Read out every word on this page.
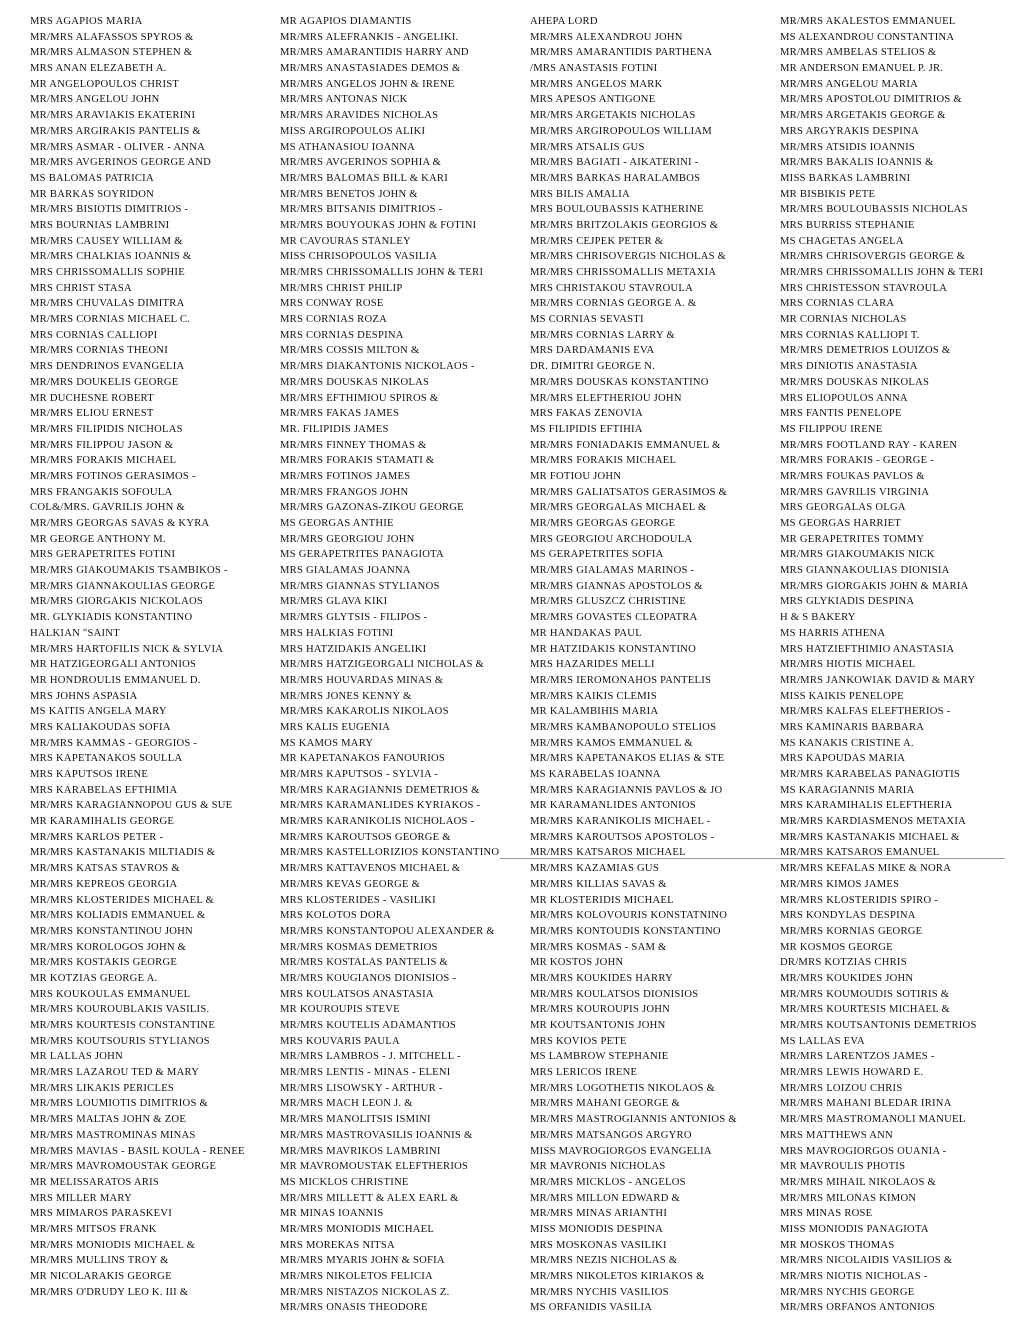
MRS AGAPIOS MARIA
MR/MRS ALAFASSOS SPYROS &
MR/MRS ALMASON STEPHEN &
MRS ANAN ELEZABETH A.
MR ANGELOPOULOS CHRIST
MR/MRS ANGELOU JOHN
MR/MRS ARAVIAKIS EKATERINI
MR/MRS ARGIRAKIS PANTELIS &
MR/MRS ASMAR - OLIVER - ANNA
MR/MRS AVGERINOS GEORGE AND
MS BALOMAS PATRICIA
MR BARKAS SOYRIDON
MR/MRS BISIOTIS DIMITRIOS -
MRS BOURNIAS LAMBRINI
MR/MRS CAUSEY WILLIAM &
MR/MRS CHALKIAS IOANNIS &
MRS CHRISSOMALLIS SOPHIE
MRS CHRIST STASA
MR/MRS CHUVALAS DIMITRA
MR/MRS CORNIAS MICHAEL C.
MRS CORNIAS CALLIOPI
MR/MRS CORNIAS THEONI
MRS DENDRINOS EVANGELIA
MR/MRS DOUKELIS GEORGE
MR DUCHESNE ROBERT
MR/MRS ELIOU ERNEST
MR/MRS FILIPIDIS NICHOLAS
MR/MRS FILIPPOU JASON &
MR/MRS FORAKIS MICHAEL
MR/MRS FOTINOS GERASIMOS -
MRS FRANGAKIS SOFOULA
COL&/MRS. GAVRILIS JOHN &
MR/MRS GEORGAS SAVAS & KYRA
MR GEORGE ANTHONY M.
MRS GERAPETRITES FOTINI
MR/MRS GIAKOUMAKIS TSAMBIKOS -
MR/MRS GIANNAKOULIAS GEORGE
MR/MRS GIORGAKIS NICKOLAOS
MR. GLYKIADIS KONSTANTINO
HALKIAN "SAINT
MR/MRS HARTOFILIS NICK & SYLVIA
MR HATZIGEORGALI ANTONIOS
MR HONDROULIS EMMANUEL D.
MRS JOHNS ASPASIA
MS KAITIS ANGELA MARY
MRS KALIAKOUDAS SOFIA
MR/MRS KAMMAS - GEORGIOS -
MRS KAPETANAKOS SOULLA
MRS KAPUTSOS IRENE
MRS KARABELAS EFTHIMIA
MR/MRS KARAGIANNOPOU GUS & SUE
MR KARAMIHALIS GEORGE
MR/MRS KARLOS PETER -
MR/MRS KASTANAKIS MILTIADIS &
MR/MRS KATSAS STAVROS &
MR/MRS KEPREOS GEORGIA
MR/MRS KLOSTERIDES MICHAEL &
MR/MRS KOLIADIS EMMANUEL &
MR/MRS KONSTANTINOU JOHN
MR/MRS KOROLOGOS JOHN &
MR/MRS KOSTAKIS GEORGE
MR KOTZIAS GEORGE A.
MRS KOUKOULAS EMMANUEL
MR/MRS KOUROUBLAKIS VASILIS.
MR/MRS KOURTESIS CONSTANTINE
MR/MRS KOUTSOURIS STYLIANOS
MR LALLAS JOHN
MR/MRS LAZAROU TED & MARY
MR/MRS LIKAKIS PERICLES
MR/MRS LOUMIOTIS DIMITRIOS &
MR/MRS MALTAS JOHN & ZOE
MR/MRS MASTROMINAS MINAS
MR/MRS MAVIAS - BASIL KOULA - RENEE
MR/MRS MAVROMOUSTAK GEORGE
MR MELISSARATOS ARIS
MRS MILLER MARY
MRS MIMAROS PARASKEVI
MR/MRS MITSOS FRANK
MR/MRS MONIODIS MICHAEL &
MR/MRS MULLINS TROY &
MR NICOLARAKIS GEORGE
MR/MRS O'DRUDY LEO K. III &
MR AGAPIOS DIAMANTIS
MR/MRS ALEFRANKIS - ANGELIKI.
MR/MRS AMARANTIDIS HARRY AND
MR/MRS ANASTASIADES DEMOS &
MR/MRS ANGELOS JOHN & IRENE
MR/MRS ANTONAS NICK
MR/MRS ARAVIDES NICHOLAS
MISS ARGIROPOULOS ALIKI
MS ATHANASIOU IOANNA
MR/MRS AVGERINOS SOPHIA &
MR/MRS BALOMAS BILL & KARI
MR/MRS BENETOS JOHN &
MR/MRS BITSANIS DIMITRIOS -
MR/MRS BOUYOUKAS JOHN & FOTINI
MR CAVOURAS STANLEY
MISS CHRISOPOULOS VASILIA
MR/MRS CHRISSOMALLIS JOHN & TERI
MR/MRS CHRIST PHILIP
MRS CONWAY ROSE
MRS CORNIAS ROZA
MRS CORNIAS DESPINA
MR/MRS COSSIS MILTON &
MR/MRS DIAKANTONIS NICKOLAOS -
MR/MRS DOUSKAS NIKOLAS
MR/MRS EFTHIMIOU SPIROS &
MR/MRS FAKAS JAMES
MR. FILIPIDIS JAMES
MR/MRS FINNEY THOMAS &
MR/MRS FORAKIS STAMATI &
MR/MRS FOTINOS JAMES
MR/MRS FRANGOS JOHN
MR/MRS GAZONAS-ZIKOU GEORGE
MS GEORGAS ANTHIE
MR/MRS GEORGIOU JOHN
MS GERAPETRITES PANAGIOTA
MRS GIALAMAS JOANNA
MR/MRS GIANNAS STYLIANOS
MR/MRS GLAVA KIKI
MR/MRS GLYTSIS - FILIPOS -
MRS HALKIAS FOTINI
MRS HATZIDAKIS ANGELIKI
MR/MRS HATZIGEORGALI NICHOLAS &
MR/MRS HOUVARDAS MINAS &
MR/MRS JONES KENNY &
MR/MRS KAKAROLIS NIKOLAOS
MRS KALIS EUGENIA
MS KAMOS MARY
MR KAPETANAKOS FANOURIOS
MR/MRS KAPUTSOS - SYLVIA -
MR/MRS KARAGIANNIS DEMETRIOS &
MR/MRS KARAMANLIDES KYRIAKOS -
MR/MRS KARANIKOLIS NICHOLAOS -
MR/MRS KAROUTSOS GEORGE &
MR/MRS KASTELLORIZIOS KONSTANTINO
MR/MRS KATTAVENOS MICHAEL &
MR/MRS KEVAS GEORGE &
MRS KLOSTERIDES - VASILIKI
MRS KOLOTOS DORA
MR/MRS KONSTANTOPOU ALEXANDER &
MR/MRS KOSMAS DEMETRIOS
MR/MRS KOSTALAS PANTELIS &
MR/MRS KOUGIANOS DIONISIOS -
MRS KOULATSOS ANASTASIA
MR KOUROUPIS STEVE
MR/MRS KOUTELIS ADAMANTIOS
MRS KOUVARIS PAULA
MR/MRS LAMBROS - J. MITCHELL -
MR/MRS LENTIS - MINAS - ELENI
MR/MRS LISOWSKY - ARTHUR -
MR/MRS MACH LEON J. &
MR/MRS MANOLITSIS ISMINI
MR/MRS MASTROVASILIS IOANNIS &
MR/MRS MAVRIKOS LAMBRINI
MR MAVROMOUSTAK ELEFTHERIOS
MS MICKLOS CHRISTINE
MR/MRS MILLETT & ALEX EARL &
MR MINAS IOANNIS
MR/MRS MONIODIS MICHAEL
MRS MOREKAS NITSA
MR/MRS MYARIS JOHN & SOFIA
MR/MRS NIKOLETOS FELICIA
MR/MRS NISTAZOS NICKOLAS Z.
MR/MRS ONASIS THEODORE
AHEPA LORD
MR/MRS ALEXANDROU JOHN
MR/MRS AMARANTIDIS PARTHENA
/MRS ANASTASIS FOTINI
MR/MRS ANGELOS MARK
MRS APESOS ANTIGONE
MR/MRS ARGETAKIS NICHOLAS
MR/MRS ARGIROPOULOS WILLIAM
MR/MRS ATSALIS GUS
MR/MRS BAGIATI - AIKATERINI -
MR/MRS BARKAS HARALAMBOS
MRS BILIS AMALIA
MRS BOULOUBASSIS KATHERINE
MR/MRS BRITZOLAKIS GEORGIOS &
MR/MRS CEJPEK PETER &
MR/MRS CHRISOVERGIS NICHOLAS &
MR/MRS CHRISSOMALLIS METAXIA
MRS CHRISTAKOU STAVROULA
MR/MRS CORNIAS GEORGE A. &
MS CORNIAS SEVASTI
MR/MRS CORNIAS LARRY &
MRS DARDAMANIS EVA
DR. DIMITRI GEORGE N.
MR/MRS DOUSKAS KONSTANTINO
MR/MRS ELEFTHERIOU JOHN
MRS FAKAS ZENOVIA
MS FILIPIDIS EFTIHIA
MR/MRS FONIADAKIS EMMANUEL &
MR/MRS FORAKIS MICHAEL
MR FOTIOU JOHN
MR/MRS GALIATSATOS GERASIMOS &
MR/MRS GEORGALAS MICHAEL &
MR/MRS GEORGAS GEORGE
MRS GEORGIOU ARCHODOULA
MS GERAPETRITES SOFIA
MR/MRS GIALAMAS MARINOS -
MR/MRS GIANNAS APOSTOLOS &
MR/MRS GLUSZCZ CHRISTINE
MR/MRS GOVASTES CLEOPATRA
MR HANDAKAS PAUL
MR HATZIDAKIS KONSTANTINO
MRS HAZARIDES MELLI
MR/MRS IEROMONAHOS PANTELIS
MR/MRS KAIKIS CLEMIS
MR KALAMBIHIS MARIA
MR/MRS KAMBANOPOULO STELIOS
MR/MRS KAMOS EMMANUEL &
MR/MRS KAPETANAKOS ELIAS & STE
MS KARABELAS IOANNA
MR/MRS KARAGIANNIS PAVLOS & JO
MR KARAMANLIDES ANTONIOS
MR/MRS KARANIKOLIS MICHAEL -
MR/MRS KAROUTSOS APOSTOLOS -
MR/MRS KATSAROS MICHAEL
MR/MRS KAZAMIAS GUS
MR/MRS KILLIAS SAVAS &
MR KLOSTERIDIS MICHAEL
MR/MRS KOLOVOURIS KONSTATNINO
MR/MRS KONTOUDIS KONSTANTINO
MR/MRS KOSMAS - SAM &
MR KOSTOS JOHN
MR/MRS KOUKIDES HARRY
MR/MRS KOULATSOS DIONISIOS
MR/MRS KOUROUPIS JOHN
MR KOUTSANTONIS JOHN
MRS KOVIOS PETE
MS LAMBROW STEPHANIE
MRS LERICOS IRENE
MR/MRS LOGOTHETIS NIKOLAOS &
MR/MRS MAHANI GEORGE &
MR/MRS MASTROGIANNIS ANTONIOS &
MR/MRS MATSANGOS ARGYRO
MISS MAVROGIORGOS EVANGELIA
MR MAVRONIS NICHOLAS
MR/MRS MICKLOS - ANGELOS
MR/MRS MILLON EDWARD &
MR/MRS MINAS ARIANTHI
MISS MONIODIS DESPINA
MRS MOSKONAS VASILIKI
MR/MRS NEZIS NICHOLAS &
MR/MRS NIKOLETOS KIRIAKOS &
MR/MRS NYCHIS VASILIOS
MS ORFANIDIS VASILIA
MR/MRS AKALESTOS EMMANUEL
MS ALEXANDROU CONSTANTINA
MR/MRS AMBELAS STELIOS &
MR ANDERSON EMANUEL P. JR.
MR/MRS ANGELOU MARIA
MR/MRS APOSTOLOU DIMITRIOS &
MR/MRS ARGETAKIS GEORGE &
MRS ARGYRAKIS DESPINA
MR/MRS ATSIDIS IOANNIS
MR/MRS BAKALIS IOANNIS &
MISS BARKAS LAMBRINI
MR BISBIKIS PETE
MR/MRS BOULOUBASSIS NICHOLAS
MRS BURRISS STEPHANIE
MS CHAGETAS ANGELA
MR/MRS CHRISOVERGIS GEORGE &
MR/MRS CHRISSOMALLIS JOHN & TERI
MRS CHRISTESSON STAVROULA
MRS CORNIAS CLARA
MR CORNIAS NICHOLAS
MRS CORNIAS KALLIOPI T.
MR/MRS DEMETRIOS LOUIZOS &
MRS DINIOTIS ANASTASIA
MR/MRS DOUSKAS NIKOLAS
MRS ELIOPOULOS ANNA
MRS FANTIS PENELOPE
MS FILIPPOU IRENE
MR/MRS FOOTLAND RAY - KAREN
MR/MRS FORAKIS - GEORGE -
MR/MRS FOUKAS PAVLOS &
MR/MRS GAVRILIS VIRGINIA
MRS GEORGALAS OLGA
MS GEORGAS HARRIET
MR GERAPETRITES TOMMY
MR/MRS GIAKOUMAKIS NICK
MRS GIANNAKOULIAS DIONISIA
MR/MRS GIORGAKIS JOHN & MARIA
MRS GLYKIADIS DESPINA
H & S BAKERY
MS HARRIS ATHENA
MRS HATZIEFTHIMIO ANASTASIA
MR/MRS HIOTIS MICHAEL
MR/MRS JANKOWIAK DAVID & MARY
MISS KAIKIS PENELOPE
MR/MRS KALFAS ELEFTHERIOS -
MRS KAMINARIS BARBARA
MS KANAKIS CRISTINE A.
MRS KAPOUDAS MARIA
MR/MRS KARABELAS PANAGIOTIS
MS KARAGIANNIS MARIA
MRS KARAMIHALIS ELEFTHERIA
MR/MRS KARDIASMENOS METAXIA
MR/MRS KASTANAKIS MICHAEL &
MR/MRS KATSAROS EMANUEL
MR/MRS KEFALAS MIKE & NORA
MR/MRS KIMOS JAMES
MR/MRS KLOSTERIDIS SPIRO -
MRS KONDYLAS DESPINA
MR/MRS KORNIAS GEORGE
MR KOSMOS GEORGE
DR/MRS KOTZIAS CHRIS
MR/MRS KOUKIDES JOHN
MR/MRS KOUMOUDIS SOTIRIS &
MR/MRS KOURTESIS MICHAEL &
MR/MRS KOUTSANTONIS DEMETRIOS
MS LALLAS EVA
MR/MRS LARENTZOS JAMES -
MR/MRS LEWIS HOWARD E.
MR/MRS LOIZOU CHRIS
MR/MRS MAHANI BLEDAR IRINA
MR/MRS MASTROMANOLI MANUEL
MRS MATTHEWS ANN
MRS MAVROGIORGOS OUANIA -
MR MAVROULIS PHOTIS
MR/MRS MIHAIL NIKOLAOS &
MR/MRS MILONAS KIMON
MRS MINAS ROSE
MISS MONIODIS PANAGIOTA
MR MOSKOS THOMAS
MR/MRS NICOLAIDIS VASILIOS &
MR/MRS NIOTIS NICHOLAS -
MR/MRS NYCHIS GEORGE
MR/MRS ORFANOS ANTONIOS
